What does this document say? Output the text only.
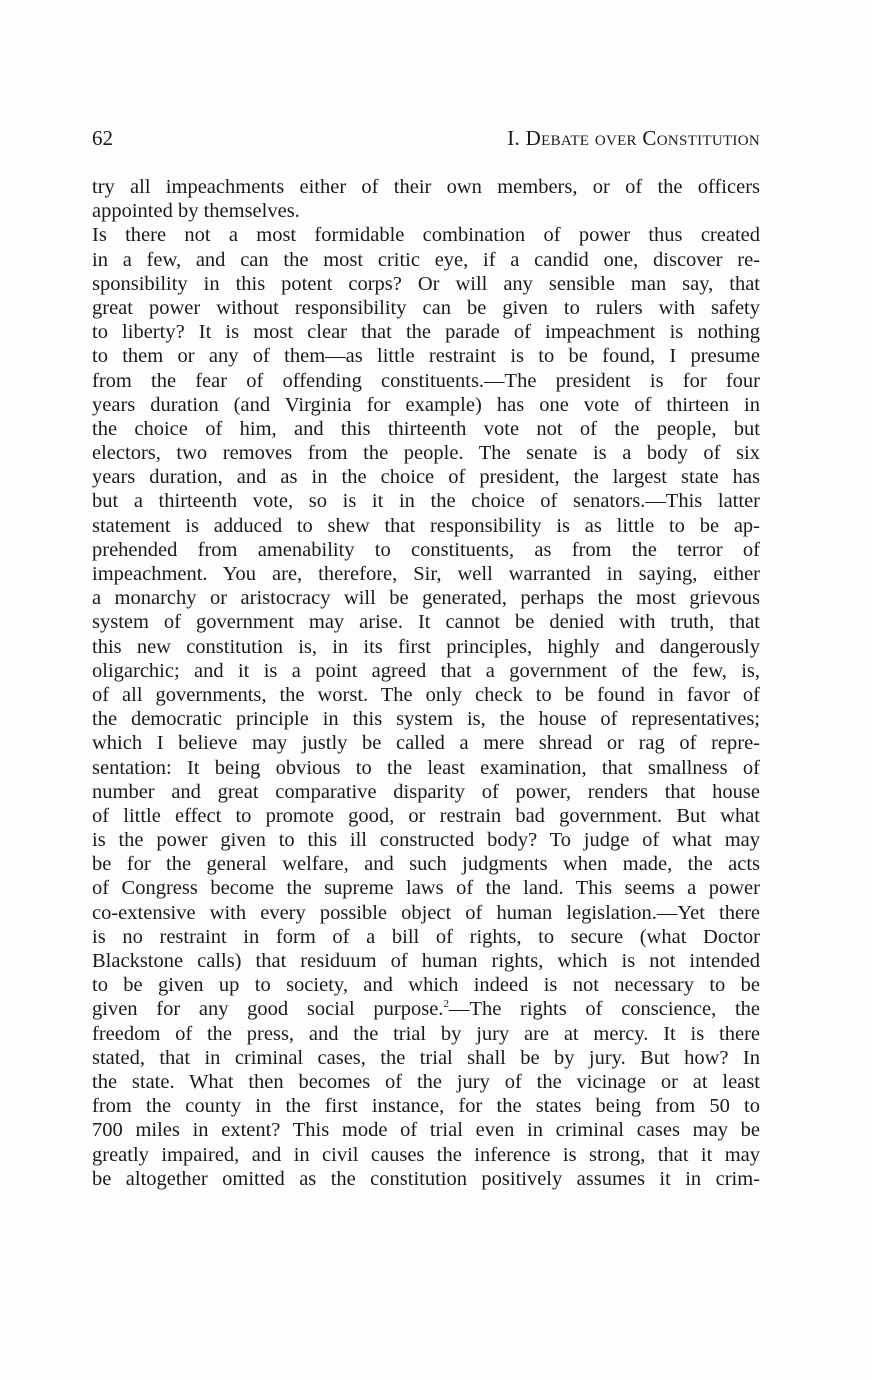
62	I. Debate over Constitution
try all impeachments either of their own members, or of the officers
appointed by themselves.
Is there not a most formidable combination of power thus created
in a few, and can the most critic eye, if a candid one, discover re-
sponsibility in this potent corps? Or will any sensible man say, that
great power without responsibility can be given to rulers with safety
to liberty? It is most clear that the parade of impeachment is nothing
to them or any of them—as little restraint is to be found, I presume
from the fear of offending constituents.—The president is for four
years duration (and Virginia for example) has one vote of thirteen in
the choice of him, and this thirteenth vote not of the people, but
electors, two removes from the people. The senate is a body of six
years duration, and as in the choice of president, the largest state has
but a thirteenth vote, so is it in the choice of senators.—This latter
statement is adduced to shew that responsibility is as little to be ap-
prehended from amenability to constituents, as from the terror of
impeachment. You are, therefore, Sir, well warranted in saying, either
a monarchy or aristocracy will be generated, perhaps the most grievous
system of government may arise. It cannot be denied with truth, that
this new constitution is, in its first principles, highly and dangerously
oligarchic; and it is a point agreed that a government of the few, is,
of all governments, the worst. The only check to be found in favor of
the democratic principle in this system is, the house of representatives;
which I believe may justly be called a mere shread or rag of repre-
sentation: It being obvious to the least examination, that smallness of
number and great comparative disparity of power, renders that house
of little effect to promote good, or restrain bad government. But what
is the power given to this ill constructed body? To judge of what may
be for the general welfare, and such judgments when made, the acts
of Congress become the supreme laws of the land. This seems a power
co-extensive with every possible object of human legislation.—Yet there
is no restraint in form of a bill of rights, to secure (what Doctor
Blackstone calls) that residuum of human rights, which is not intended
to be given up to society, and which indeed is not necessary to be
given for any good social purpose.$^2$—The rights of conscience, the
freedom of the press, and the trial by jury are at mercy. It is there
stated, that in criminal cases, the trial shall be by jury. But how? In
the state. What then becomes of the jury of the vicinage or at least
from the county in the first instance, for the states being from 50 to
700 miles in extent? This mode of trial even in criminal cases may be
greatly impaired, and in civil causes the inference is strong, that it may
be altogether omitted as the constitution positively assumes it in crim-
